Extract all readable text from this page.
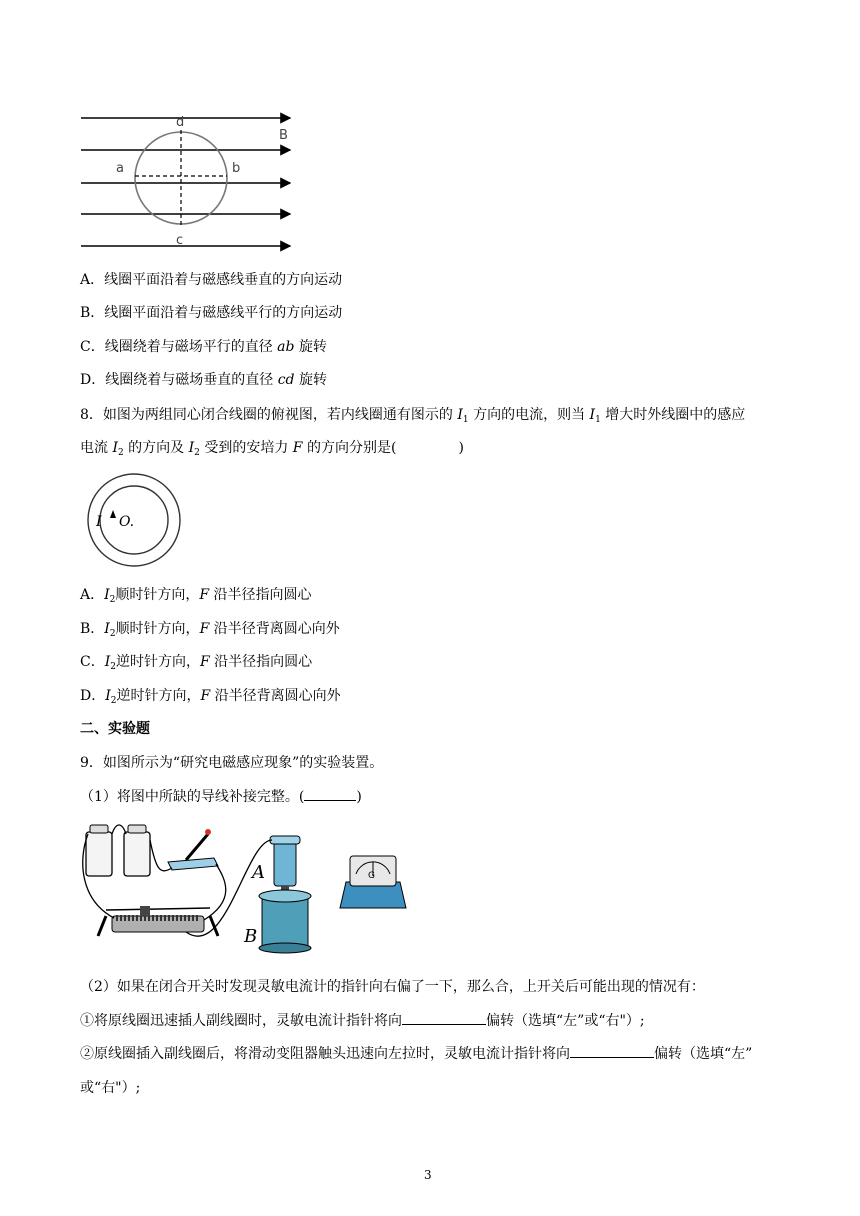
d
a	b
c
B
A．线圈平面沿着与磁感线垂直的方向运动
B．线圈平面沿着与磁感线平行的方向运动
C．线圈绕着与磁场平行的直径 ab 旋转
D．线圈绕着与磁场垂直的直径 cd 旋转
8．如图为两组同心闭合线圈的俯视图，若内线圈通有图示的 $I_1$ 方向的电流，则当 $I_1$ 增大时外线圈中的感应
电流 $I_2$ 的方向及 $I_2$ 受到的安培力 F 的方向分别是(	)
I O.
A．$I_2$顺时针方向，F 沿半径指向圆心
B．$I_2$顺时针方向，F 沿半径背离圆心向外
C．$I_2$逆时针方向，F 沿半径指向圆心
D．$I_2$逆时针方向，F 沿半径背离圆心向外
二、实验题
9．如图所示为“研究电磁感应现象”的实验装置。
（1）将图中所缺的导线补接完整。(	)
A
B
G
（2）如果在闭合开关时发现灵敏电流计的指针向右偏了一下，那么合，上开关后可能出现的情况有：
①将原线圈迅速插人副线圈时，灵敏电流计指针将向	偏转（选填“左”或“右"）;
②原线圈插入副线圈后，将滑动变阻器触头迅速向左拉时，灵敏电流计指针将向	偏转（选填“左”
或“右"）;
3
